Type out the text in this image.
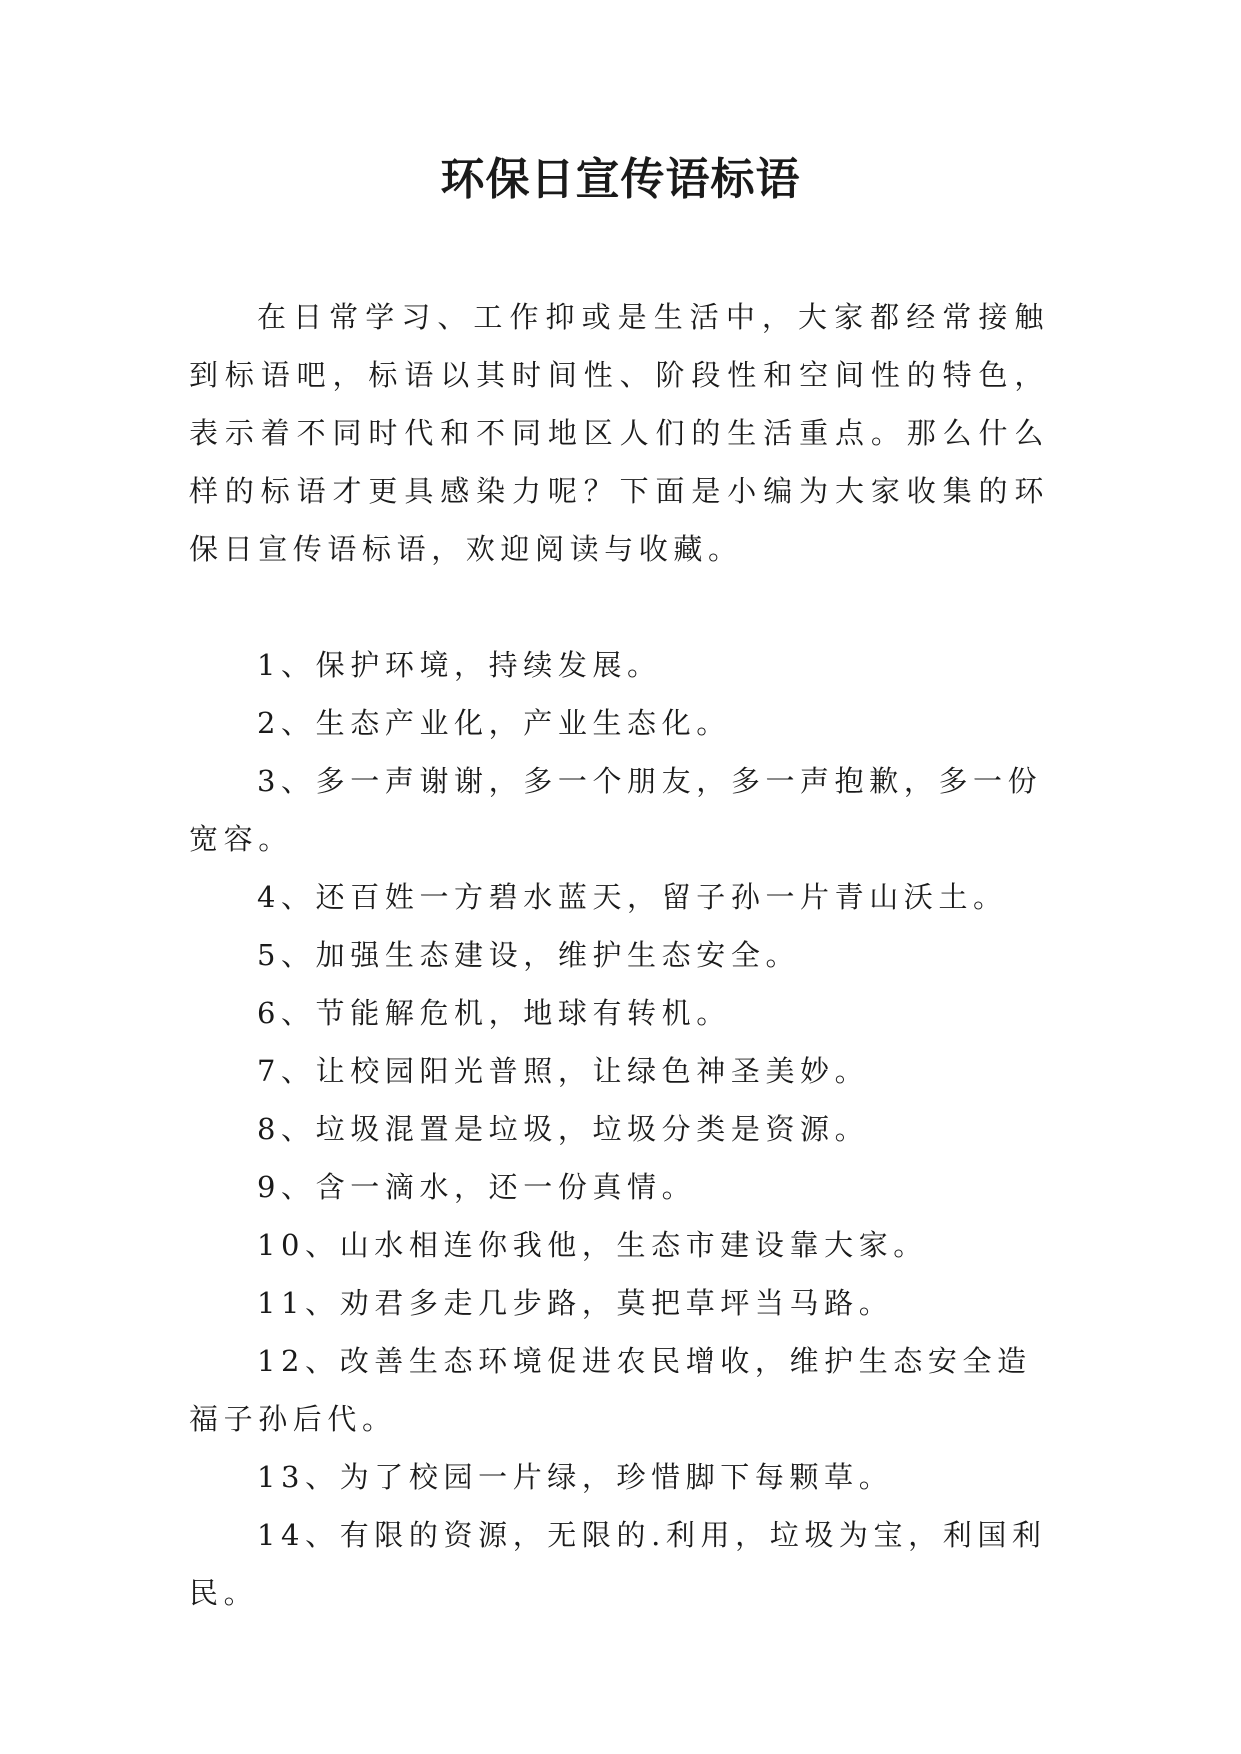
环保日宣传语标语

在日常学习、工作抑或是生活中，大家都经常接触到标语吧，标语以其时间性、阶段性和空间性的特色，表示着不同时代和不同地区人们的生活重点。那么什么样的标语才更具感染力呢？下面是小编为大家收集的环保日宣传语标语，欢迎阅读与收藏。

1、保护环境，持续发展。

2、生态产业化，产业生态化。

3、多一声谢谢，多一个朋友，多一声抱歉，多一份宽容。

4、还百姓一方碧水蓝天，留子孙一片青山沃土。

5、加强生态建设，维护生态安全。

6、节能解危机，地球有转机。

7、让校园阳光普照，让绿色神圣美妙。

8、垃圾混置是垃圾，垃圾分类是资源。

9、含一滴水，还一份真情。

10、山水相连你我他，生态市建设靠大家。

11、劝君多走几步路，莫把草坪当马路。

12、改善生态环境促进农民增收，维护生态安全造福子孙后代。

13、为了校园一片绿，珍惜脚下每颗草。

14、有限的资源，无限的.利用，垃圾为宝，利国利民。
